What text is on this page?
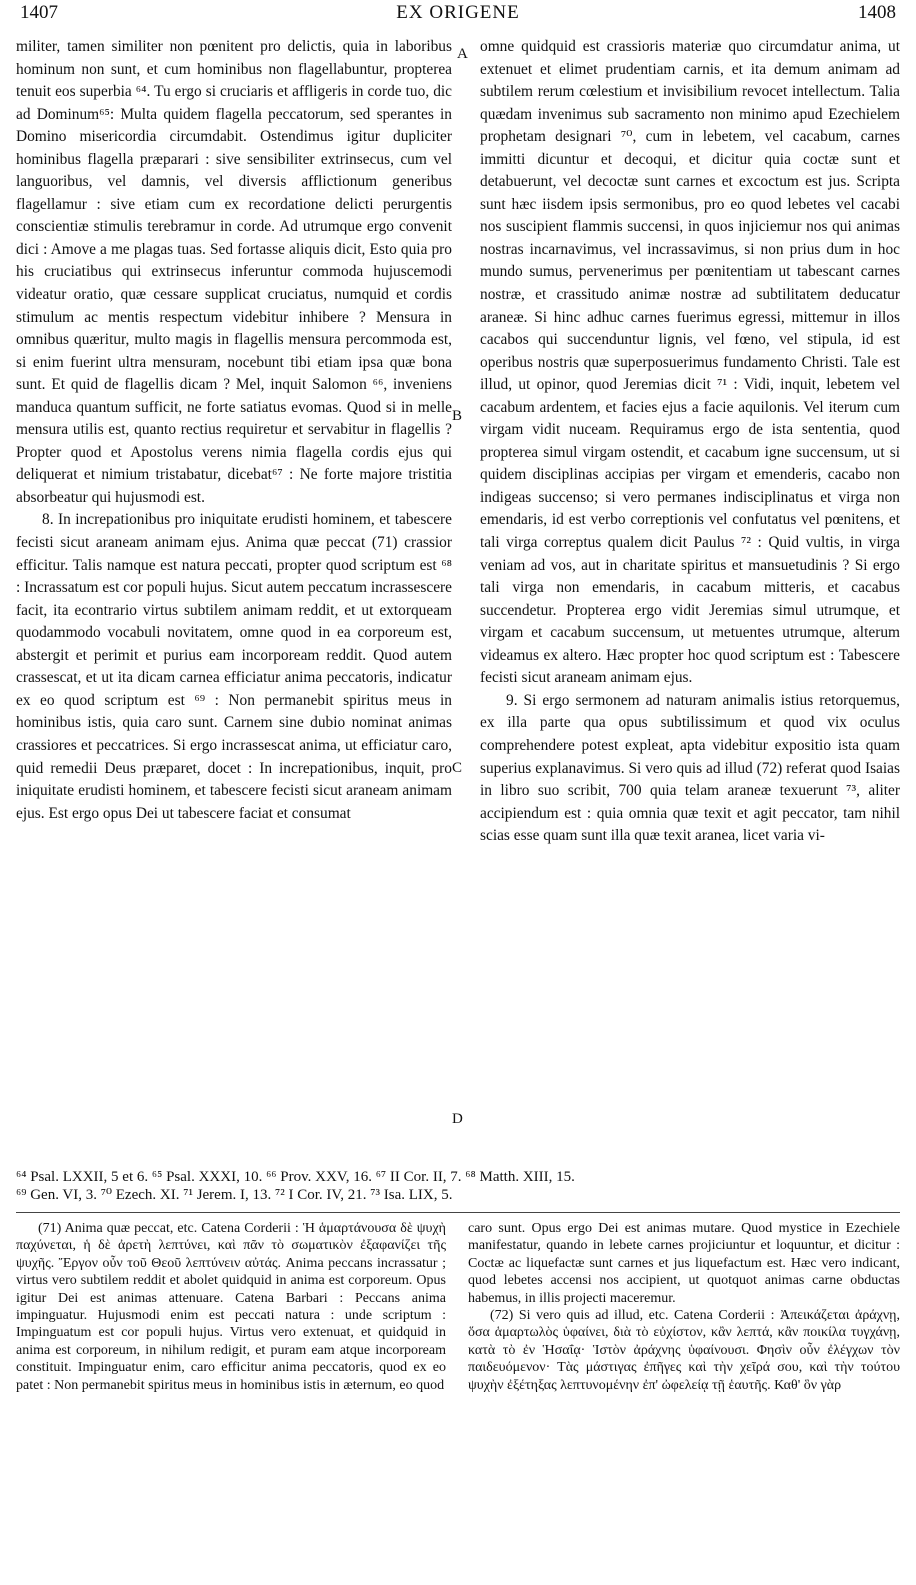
1407	EX ORIGENE	1408
A
B
C
D

militer, tamen similiter non pœnitent pro delictis, quia in laboribus hominum non sunt, et cum hominibus non flagellabuntur, propterea tenuit eos superbia ⁶⁴. Tu ergo si cruciaris et affligeris in corde tuo, dic ad Dominum⁶⁵: Multa quidem flagella peccatorum, sed sperantes in Domino misericordia circumdabit. Ostendimus igitur dupliciter hominibus flagella præparari : sive sensibiliter extrinsecus, cum vel languoribus, vel damnis, vel diversis afflictionum generibus flagellamur : sive etiam cum ex recordatione delicti perurgentis conscientiæ stimulis terebramur in corde. Ad utrumque ergo convenit dici : Amove a me plagas tuas. Sed fortasse aliquis dicit, Esto quia pro his cruciatibus qui extrinsecus inferuntur commoda hujuscemodi videatur oratio, quæ cessare supplicat cruciatus, numquid et cordis stimulum ac mentis respectum videbitur inhibere ? Mensura in omnibus quæritur, multo magis in flagellis mensura percommoda est, si enim fuerint ultra mensuram, nocebunt tibi etiam ipsa quæ bona sunt. Et quid de flagellis dicam ? Mel, inquit Salomon ⁶⁶, inveniens manduca quantum sufficit, ne forte satiatus evomas. Quod si in melle mensura utilis est, quanto rectius requiretur et servabitur in flagellis ? Propter quod et Apostolus verens nimia flagella cordis ejus qui deliquerat et nimium tristabatur, dicebat⁶⁷ : Ne forte majore tristitia absorbeatur qui hujusmodi est.

8. In increpationibus pro iniquitate erudisti hominem, et tabescere fecisti sicut araneam animam ejus. Anima quæ peccat (71) crassior efficitur. Talis namque est natura peccati, propter quod scriptum est ⁶⁸ : Incrassatum est cor populi hujus. Sicut autem peccatum incrassescere facit, ita econtrario virtus subtilem animam reddit, et ut extorqueam quodammodo vocabuli novitatem, omne quod in ea corporeum est, abstergit et perimit et purius eam incorpoream reddit. Quod autem crassescat, et ut ita dicam carnea efficiatur anima peccatoris, indicatur ex eo quod scriptum est ⁶⁹ : Non permanebit spiritus meus in hominibus istis, quia caro sunt. Carnem sine dubio nominat animas crassiores et peccatrices. Si ergo incrassescat anima, ut efficiatur caro, quid remedii Deus præparet, docet : In increpationibus, inquit, pro iniquitate erudisti hominem, et tabescere fecisti sicut araneam animam ejus. Est ergo opus Dei ut tabescere faciat et consumat

omne quidquid est crassioris materiæ quo circumdatur anima, ut extenuet et elimet prudentiam carnis, et ita demum animam ad subtilem rerum cœlestium et invisibilium revocet intellectum. Talia quædam invenimus sub sacramento non minimo apud Ezechielem prophetam designari ⁷⁰, cum in lebetem, vel cacabum, carnes immitti dicuntur et decoqui, et dicitur quia coctæ sunt et detabuerunt, vel decoctæ sunt carnes et excoctum est jus. Scripta sunt hæc iisdem ipsis sermonibus, pro eo quod lebetes vel cacabi nos suscipient flammis succensi, in quos injiciemur nos qui animas nostras incarnavimus, vel incrassavimus, si non prius dum in hoc mundo sumus, pervenerimus per pœnitentiam ut tabescant carnes nostræ, et crassitudo animæ nostræ ad subtilitatem deducatur araneæ. Si hinc adhuc carnes fuerimus egressi, mittemur in illos cacabos qui succenduntur lignis, vel fœno, vel stipula, id est operibus nostris quæ superposuerimus fundamento Christi. Tale est illud, ut opinor, quod Jeremias dicit ⁷¹ : Vidi, inquit, lebetem vel cacabum ardentem, et facies ejus a facie aquilonis. Vel iterum cum virgam vidit nuceam. Requiramus ergo de ista sententia, quod propterea simul virgam ostendit, et cacabum igne succensum, ut si quidem disciplinas accipias per virgam et emenderis, cacabo non indigeas succenso; si vero permanes indisciplinatus et virga non emendaris, id est verbo correptionis vel confutatus vel pœnitens, et tali virga correptus qualem dicit Paulus ⁷² : Quid vultis, in virga veniam ad vos, aut in charitate spiritus et mansuetudinis ? Si ergo tali virga non emendaris, in cacabum mitteris, et cacabus succendetur. Propterea ergo vidit Jeremias simul utrumque, et virgam et cacabum succensum, ut metuentes utrumque, alterum videamus ex altero. Hæc propter hoc quod scriptum est : Tabescere fecisti sicut araneam animam ejus.

9. Si ergo sermonem ad naturam animalis istius retorquemus, ex illa parte qua opus subtilissimum et quod vix oculus comprehendere potest expleat, apta videbitur expositio ista quam superius explanavimus. Si vero quis ad illud (72) referat quod Isaias in libro suo scribit, 700 quia telam araneæ texuerunt ⁷³, aliter accipiendum est : quia omnia quæ texit et agit peccator, tam nihil scias esse quam sunt illa quæ texit aranea, licet varia vi-

⁶⁴ Psal. LXXII, 5 et 6. ⁶⁵ Psal. XXXI, 10. ⁶⁶ Prov. XXV, 16. ⁶⁷ II Cor. II, 7. ⁶⁸ Matth. XIII, 15.
⁶⁹ Gen. VI, 3. ⁷⁰ Ezech. XI. ⁷¹ Jerem. I, 13. ⁷² I Cor. IV, 21. ⁷³ Isa. LIX, 5.

(71) Anima quæ peccat, etc. Catena Corderii : Ἡ ἁμαρτάνουσα δὲ ψυχὴ παχύνεται, ἡ δὲ ἀρετὴ λεπτύνει, καὶ πᾶν τὸ σωματικὸν ἐξαφανίζει τῆς ψυχῆς. Ἔργον οὖν τοῦ Θεοῦ λεπτύνειν αὐτάς. Anima peccans incrassatur ; virtus vero subtilem reddit et abolet quidquid in anima est corporeum. Opus igitur Dei est animas attenuare. Catena Barbari : Peccans anima impinguatur. Hujusmodi enim est peccati natura : unde scriptum : Impinguatum est cor populi hujus. Virtus vero extenuat, et quidquid in anima est corporeum, in nihilum redigit, et puram eam atque incorpoream constituit. Impinguatur enim, caro efficitur anima peccatoris, quod ex eo patet : Non permanebit spiritus meus in hominibus istis in æternum, eo quod

caro sunt. Opus ergo Dei est animas mutare. Quod mystice in Ezechiele manifestatur, quando in lebete carnes projiciuntur et loquuntur, et dicitur : Coctæ ac liquefactæ sunt carnes et jus liquefactum est. Hæc vero indicant, quod lebetes accensi nos accipient, ut quotquot animas carne obductas habemus, in illis projecti maceremur.

(72) Si vero quis ad illud, etc. Catena Corderii : Ἀπεικάζεται ἀράχνῃ, ὅσα ἁμαρτωλὸς ὑφαίνει, διὰ τὸ εὐχίστον, κἂν λεπτά, κἂν ποικίλα τυγχάνῃ, κατὰ τὸ ἐν Ἡσαΐᾳ· Ἱστὸν ἀράχνης ὑφαίνουσι. Φησὶν οὖν ἐλέγχων τὸν παιδευόμενον· Τὰς μάστιγας ἐπῆγες καὶ τὴν χεῖρά σου, καὶ τὴν τούτου ψυχὴν ἐξέτηξας λεπτυνομένην ἐπ' ὠφελείᾳ τῇ ἑαυτῆς. Καθ' ὃν γὰρ
